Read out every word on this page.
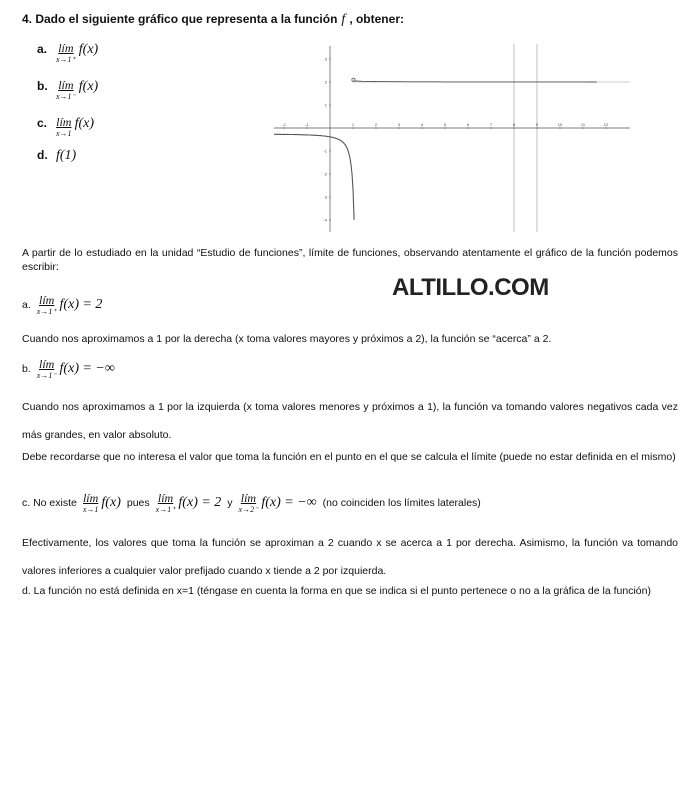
4. Dado el siguiente gráfico que representa a la función f , obtener:
a. lím
x→1⁺
f(x)
b. lím
x→1⁻
f(x)
c. lím
x→1
f(x)
d. f(1)
-2	-1	1	2	3	4	5	6	7	8	9	10	11	12
3
2
1
-1
-2
-3
-4
A partir de lo estudiado en la unidad “Estudio de funciones”, límite de funciones, observando atentamente el gráfico de la función podemos escribir:
ALTILLO.COM
a. lím
x→1⁺ f(x) = 2
Cuando nos aproximamos a 1 por la derecha (x toma valores mayores y próximos a 2), la función se “acerca” a 2.
b. lím
x→1⁻ f(x) = −∞
Cuando nos aproximamos a 1 por la izquierda (x toma valores menores y próximos a 1), la función va tomando valores negativos cada vez más grandes, en valor absoluto.
Debe recordarse que no interesa el valor que toma la función en el punto en el que se calcula el límite (puede no estar definida en el mismo)
c. No existe lím
x→1 f(x) pues lím
x→1⁺ f(x) = 2 y lím
x→2⁻ f(x) = −∞ (no coinciden los límites laterales)
Efectivamente, los valores que toma la función se aproximan a 2 cuando x se acerca a 1 por derecha. Asimismo, la función va tomando valores inferiores a cualquier valor prefijado cuando x tiende a 2 por izquierda.
d. La función no está definida en x=1 (téngase en cuenta la forma en que se indica si el punto pertenece o no a la gráfica de la función)
